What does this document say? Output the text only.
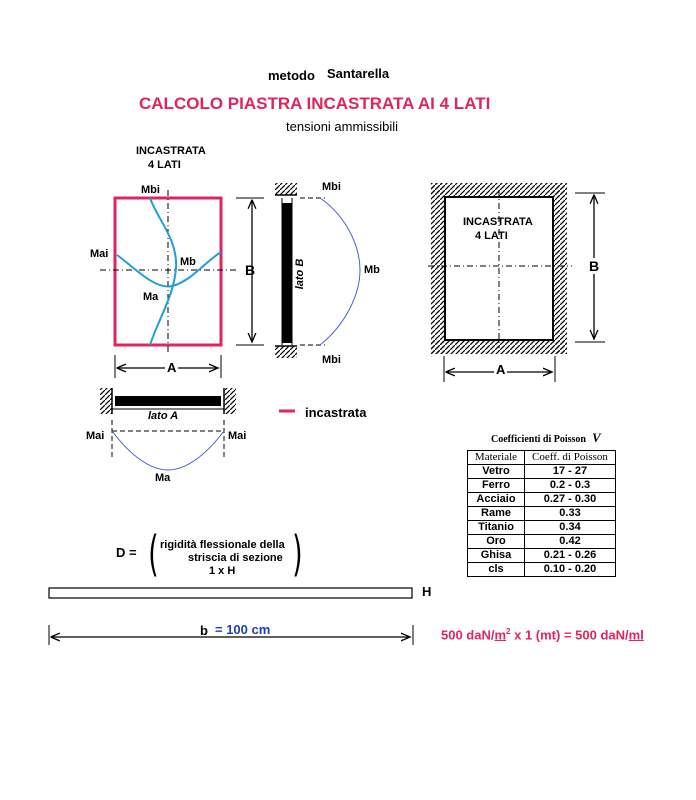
metodo Santarella
CALCOLO PIASTRA INCASTRATA AI 4 LATI
tensioni ammissibili
INCASTRATA
4 LATI
Mbi
Mai
Mb
Ma
B
A
Mbi
Mbi
Mb
lato B
lato A
Mai	Mai
Ma
incastrata
INCASTRATA
4 LATI
B
A
Coefficienti di Poisson V
Materiale	Coeff. di Poisson
Vetro	17 - 27
Ferro	0.2 - 0.3
Acciaio	0.27 - 0.30
Rame	0.33
Titanio	0.34
Oro	0.42
Ghisa	0.21 - 0.26
cls	0.10 - 0.20
D = (	)
rigidità flessionale della
striscia di sezione
1 x H
H
b = 100 cm	500 daN/$m^2$ x 1 (mt) = 500 daN/ml
